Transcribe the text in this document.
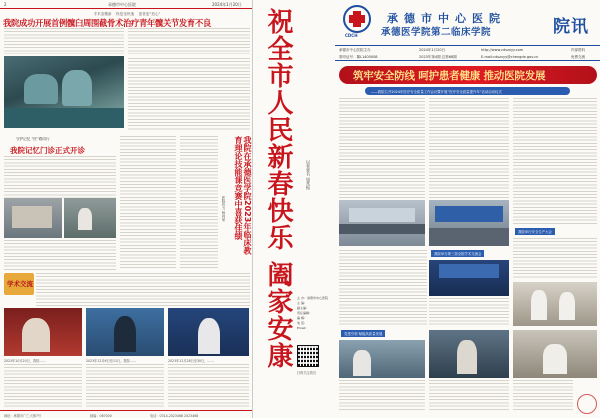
2	承德市中心医院	2024年1月20日
手术室搬新 恢复室快速 患者更“放心”
我院成功开展首例髋臼周围截骨术治疗青年髋关节发育不良
守护记忆 “医”路同行
我院记忆门诊正式开诊	我院在承德医学院2023年临床教育理论技能课竞赛中喜获佳绩
医院有力 杨向荣
学术交流
2023年10月20日，我院……	2023年12月6日至11日，我院……	2023年12月28日至30日，……
地址：承德市广仁大街7号	邮编：067000	电话：0314-2023468 2023468
祝全市人民新春快乐 阖家安康	以者胥书 旭兆振
主 办：承德市中心医院
主 编：
副主编：
责任编辑：
编 辑：
电 话：
Email：
扫码关注我们
CDCH
承德市中心医院
承德医学院第二临床学院	院讯
承德市中心医院主办	2024年1月20日	http://www.cdszxyy.com	内部资料
准印证号：冀L1400008	2023年第4期 总第68期	E-mail:cdszxyy@chengde.gov.cn	免费交流
筑牢安全防线 呵护患者健康 推动医院发展
——我院召开2024年医疗安全质量工作会议暨开展“医疗安全质量提升年”活动启动仪式
我院举行安全生产大会
我院举办第三届全院学术交流会
党建引领 赋能高质量发展
